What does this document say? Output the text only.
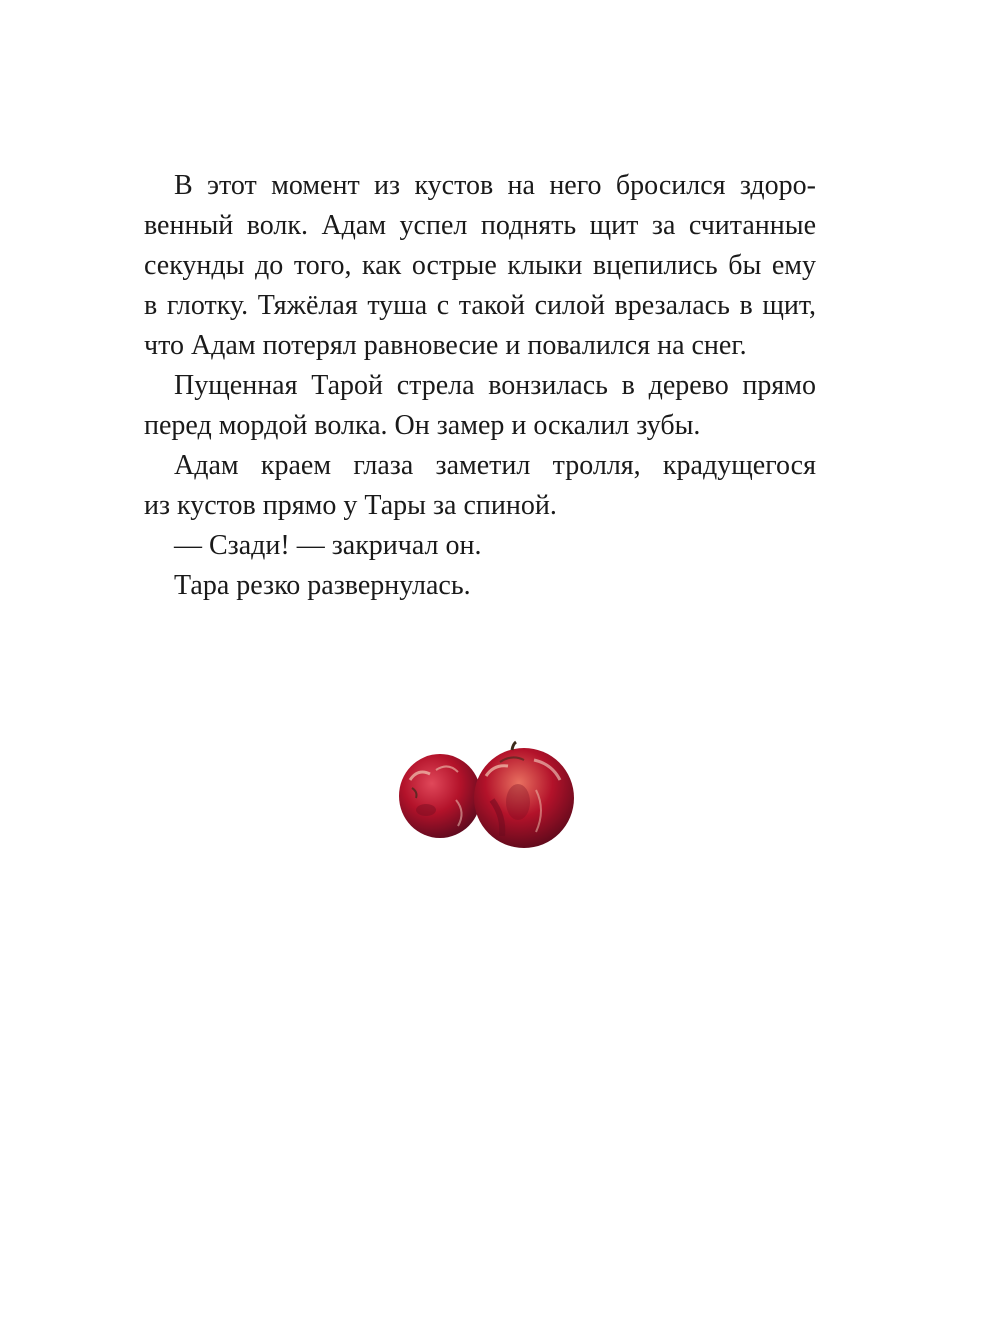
В этот момент из кустов на него бросился здоро-
венный волк. Адам успел поднять щит за считанные
секунды до того, как острые клыки вцепились бы ему
в глотку. Тяжёлая туша с такой силой врезалась в щит,
что Адам потерял равновесие и повалился на снег.
Пущенная Тарой стрела вонзилась в дерево прямо
перед мордой волка. Он замер и оскалил зубы.
Адам краем глаза заметил тролля, крадущегося
из кустов прямо у Тары за спиной.
— Сзади! — закричал он.
Тара резко развернулась.
